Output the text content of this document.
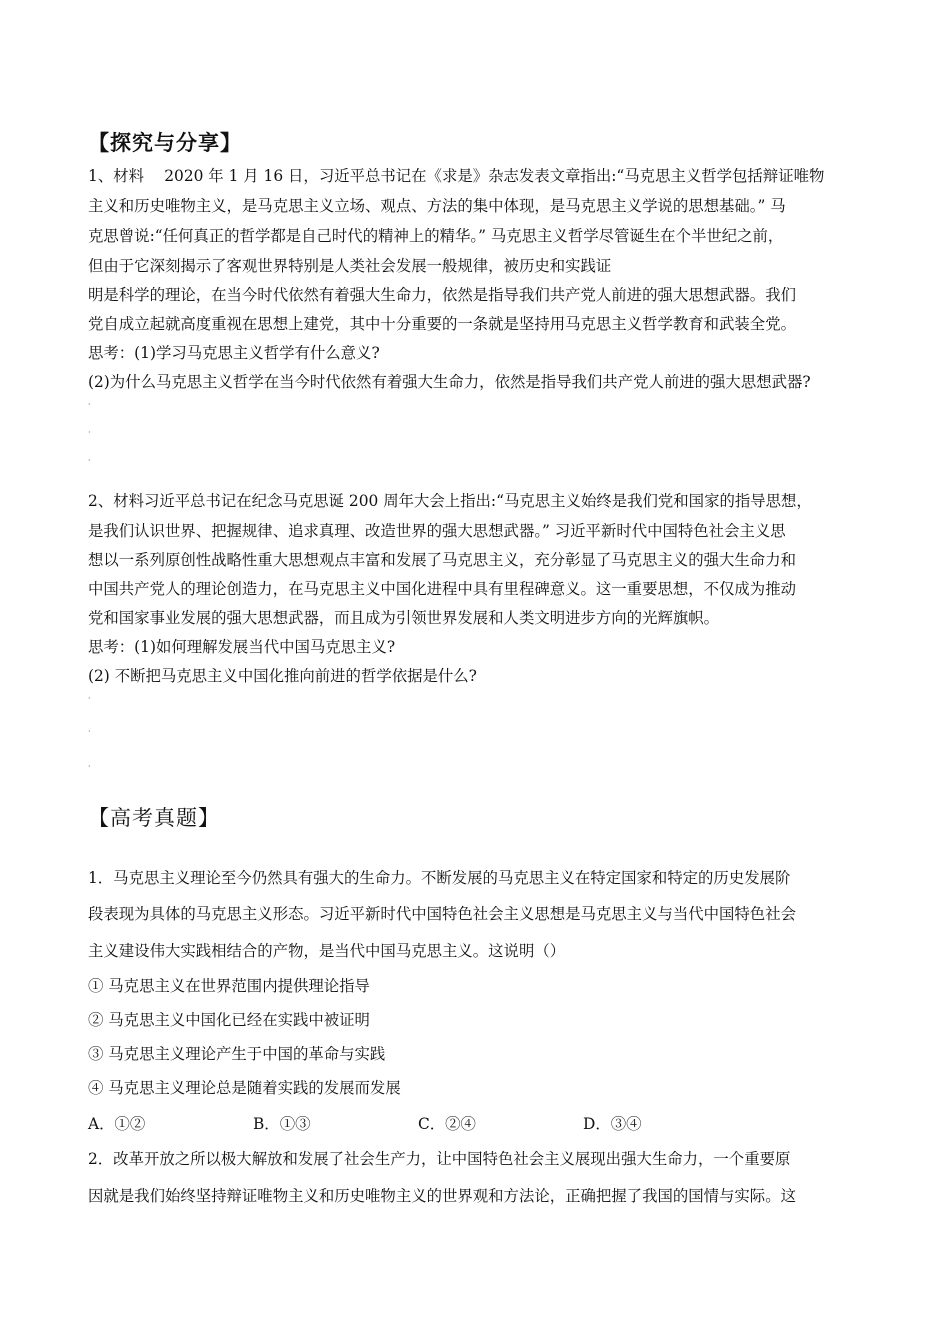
【探究与分享】
1、材料　 2020 年 1 月 16 日，习近平总书记在《求是》杂志发表文章指出:“马克思主义哲学包括辩证唯物
主义和历史唯物主义，是马克思主义立场、观点、方法的集中体现，是马克思主义学说的思想基础。” 马
克思曾说:“任何真正的哲学都是自己时代的精神上的精华。” 马克思主义哲学尽管诞生在个半世纪之前，
但由于它深刻揭示了客观世界特别是人类社会发展一般规律，被历史和实践证
明是科学的理论，在当今时代依然有着强大生命力，依然是指导我们共产党人前进的强大思想武器。我们
党自成立起就高度重视在思想上建党，其中十分重要的一条就是坚持用马克思主义哲学教育和武装全党。
思考：(1)学习马克思主义哲学有什么意义?
(2)为什么马克思主义哲学在当今时代依然有着强大生命力，依然是指导我们共产党人前进的强大思想武器?
·
·
·
2、材料习近平总书记在纪念马克思诞 200 周年大会上指出:“马克思主义始终是我们党和国家的指导思想，
是我们认识世界、把握规律、追求真理、改造世界的强大思想武器。” 习近平新时代中国特色社会主义思
想以一系列原创性战略性重大思想观点丰富和发展了马克思主义，充分彰显了马克思主义的强大生命力和
中国共产党人的理论创造力，在马克思主义中国化进程中具有里程碑意义。这一重要思想，不仅成为推动
党和国家事业发展的强大思想武器，而且成为引领世界发展和人类文明进步方向的光辉旗帜。
思考：(1)如何理解发展当代中国马克思主义?
(2) 不断把马克思主义中国化推向前进的哲学依据是什么?
·
·
·
【高考真题】
1．马克思主义理论至今仍然具有强大的生命力。不断发展的马克思主义在特定国家和特定的历史发展阶
段表现为具体的马克思主义形态。习近平新时代中国特色社会主义思想是马克思主义与当代中国特色社会
主义建设伟大实践相结合的产物，是当代中国马克思主义。这说明（）
① 马克思主义在世界范围内提供理论指导
② 马克思主义中国化已经在实践中被证明
③ 马克思主义理论产生于中国的革命与实践
④ 马克思主义理论总是随着实践的发展而发展
A．①②	B．①③	C．②④	D．③④
2．改革开放之所以极大解放和发展了社会生产力，让中国特色社会主义展现出强大生命力，一个重要原
因就是我们始终坚持辩证唯物主义和历史唯物主义的世界观和方法论，正确把握了我国的国情与实际。这
